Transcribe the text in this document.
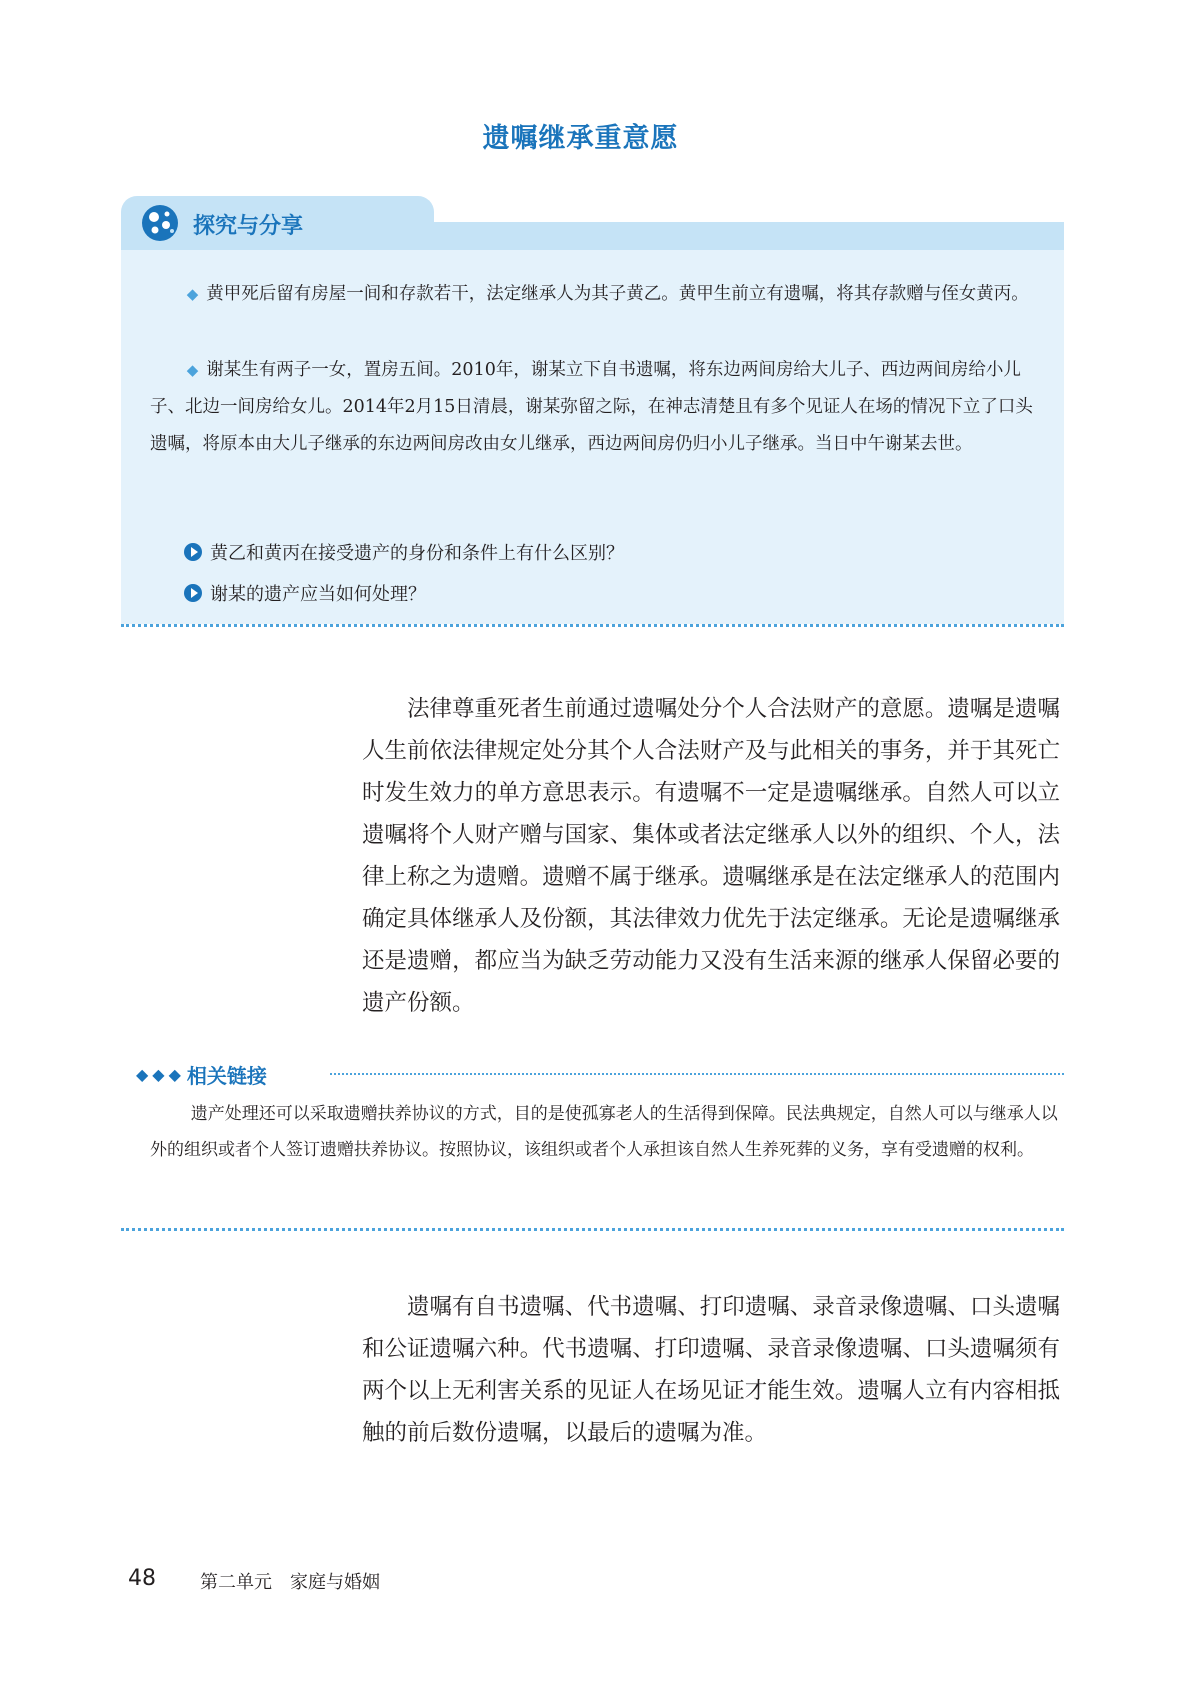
遗嘱继承重意愿
探究与分享

◆ 黄甲死后留有房屋一间和存款若干，法定继承人为其子黄乙。黄甲生前立有遗嘱，将其存款赠与侄女黄丙。

◆ 谢某生有两子一女，置房五间。2010年，谢某立下自书遗嘱，将东边两间房给大儿子、西边两间房给小儿子、北边一间房给女儿。2014年2月15日清晨，谢某弥留之际，在神志清楚且有多个见证人在场的情况下立了口头遗嘱，将原本由大儿子继承的东边两间房改由女儿继承，西边两间房仍归小儿子继承。当日中午谢某去世。

黄乙和黄丙在接受遗产的身份和条件上有什么区别？
谢某的遗产应当如何处理？

法律尊重死者生前通过遗嘱处分个人合法财产的意愿。遗嘱是遗嘱人生前依法律规定处分其个人合法财产及与此相关的事务，并于其死亡时发生效力的单方意思表示。有遗嘱不一定是遗嘱继承。自然人可以立遗嘱将个人财产赠与国家、集体或者法定继承人以外的组织、个人，法律上称之为遗赠。遗赠不属于继承。遗嘱继承是在法定继承人的范围内确定具体继承人及份额，其法律效力优先于法定继承。无论是遗嘱继承还是遗赠，都应当为缺乏劳动能力又没有生活来源的继承人保留必要的遗产份额。

◆◆◆ 相关链接

遗产处理还可以采取遗赠扶养协议的方式，目的是使孤寡老人的生活得到保障。民法典规定，自然人可以与继承人以外的组织或者个人签订遗赠扶养协议。按照协议，该组织或者个人承担该自然人生养死葬的义务，享有受遗赠的权利。

遗嘱有自书遗嘱、代书遗嘱、打印遗嘱、录音录像遗嘱、口头遗嘱和公证遗嘱六种。代书遗嘱、打印遗嘱、录音录像遗嘱、口头遗嘱须有两个以上无利害关系的见证人在场见证才能生效。遗嘱人立有内容相抵触的前后数份遗嘱，以最后的遗嘱为准。

48 第二单元　家庭与婚姻
